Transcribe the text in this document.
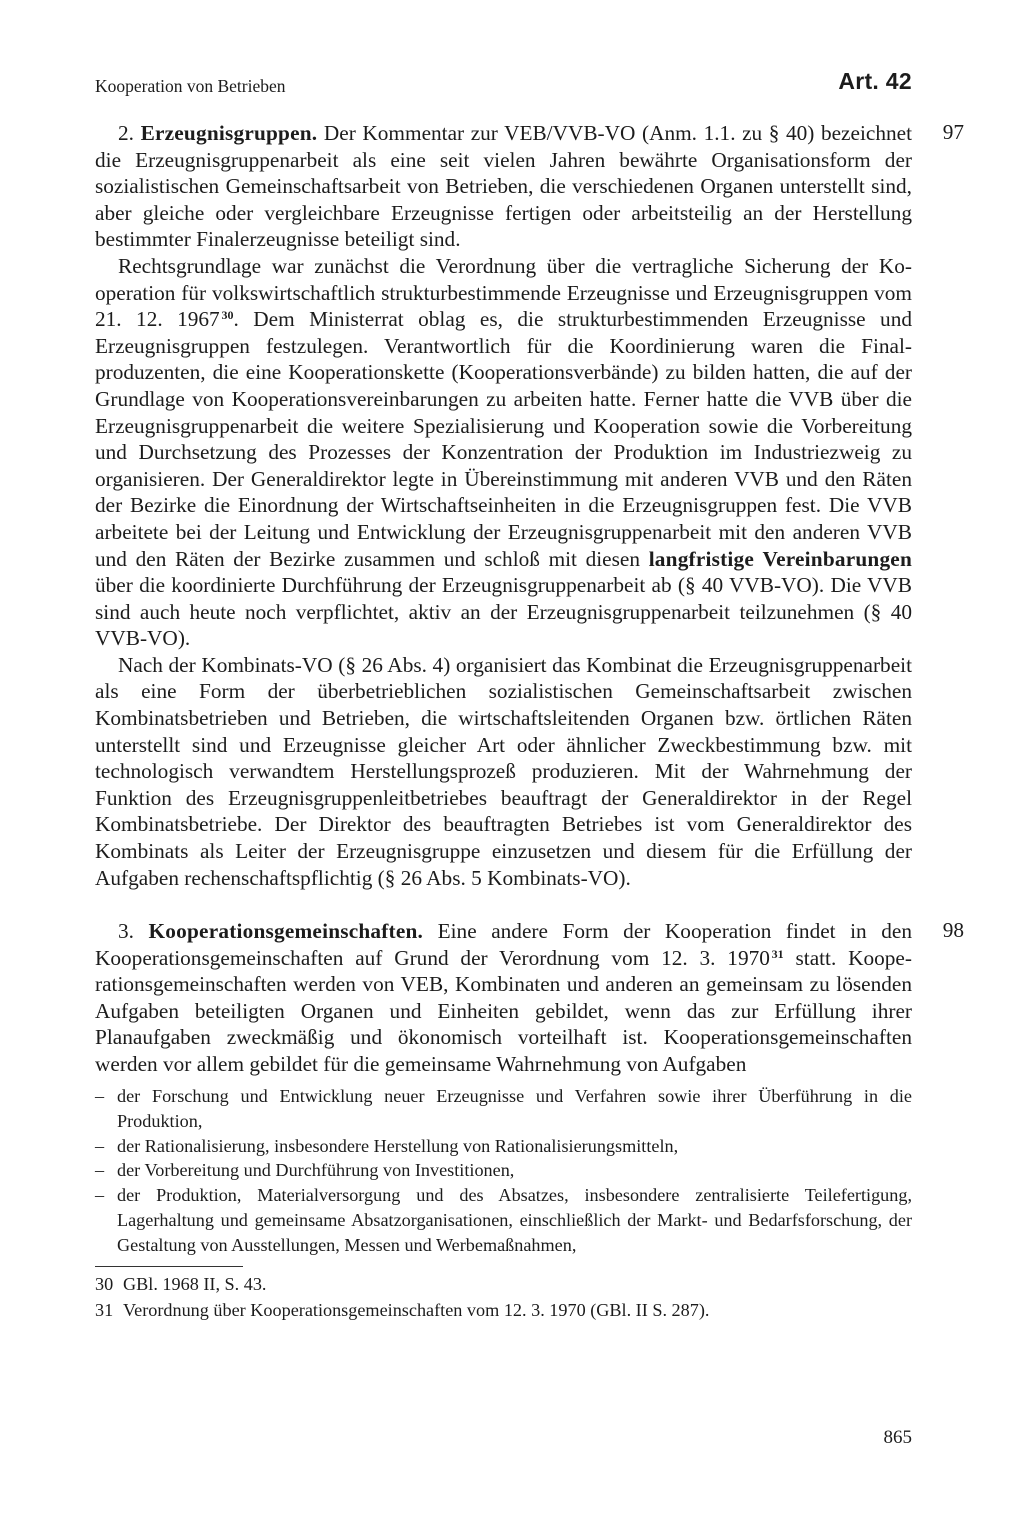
Kooperation von Betrieben	Art. 42
97

2. Erzeugnisgruppen. Der Kommentar zur VEB/VVB-VO (Anm. 1.1. zu § 40) bezeichnet die Erzeugnisgruppenarbeit als eine seit vielen Jahren bewährte Organisationsform der sozialistischen Gemeinschaftsarbeit von Betrieben, die verschiedenen Organen unterstellt sind, aber gleiche oder vergleichbare Erzeugnisse fertigen oder arbeitsteilig an der Herstellung bestimmter Finalerzeugnisse beteiligt sind.

Rechtsgrundlage war zunächst die Verordnung über die vertragliche Sicherung der Kooperation für volkswirtschaftlich strukturbestimmende Erzeugnisse und Erzeugnisgruppen vom 21. 12. 1967  $^{30}$. Dem Ministerrat oblag es, die strukturbestimmenden Erzeugnisse und Erzeugnisgruppen festzulegen. Verantwortlich für die Koordinierung waren die Finalproduzenten, die eine Kooperationskette (Kooperationsverbände) zu bilden hatten, die auf der Grundlage von Kooperationsvereinbarungen zu arbeiten hatte. Ferner hatte die VVB über die Erzeugnisgruppenarbeit die weitere Spezialisierung und Kooperation sowie die Vorbereitung und Durchsetzung des Prozesses der Konzentration der Produktion im Industriezweig zu organisieren. Der Generaldirektor legte in Übereinstimmung mit anderen VVB und den Räten der Bezirke die Einordnung der Wirtschaftseinheiten in die Erzeugnisgruppen fest. Die VVB arbeitete bei der Leitung und Entwicklung der Erzeugnisgruppenarbeit mit den anderen VVB und den Räten der Bezirke zusammen und schloß mit diesen langfristige Vereinbarungen über die koordinierte Durchführung der Erzeugnisgruppenarbeit ab (§ 40 VVB-VO). Die VVB sind auch heute noch verpflichtet, aktiv an der Erzeugnisgruppenarbeit teilzunehmen (§ 40 VVB-VO).

Nach der Kombinats-VO (§ 26 Abs. 4) organisiert das Kombinat die Erzeugnisgruppenarbeit als eine Form der überbetrieblichen sozialistischen Gemeinschaftsarbeit zwischen Kombinatsbetrieben und Betrieben, die wirtschaftsleitenden Organen bzw. örtlichen Räten unterstellt sind und Erzeugnisse gleicher Art oder ähnlicher Zweckbestimmung bzw. mit technologisch verwandtem Herstellungsprozeß produzieren. Mit der Wahrnehmung der Funktion des Erzeugnisgruppenleitbetriebes beauftragt der Generaldirektor in der Regel Kombinatsbetriebe. Der Direktor des beauftragten Betriebes ist vom Generaldirektor des Kombinats als Leiter der Erzeugnisgruppe einzusetzen und diesem für die Erfüllung der Aufgaben rechenschaftspflichtig (§ 26 Abs. 5 Kombinats-VO).

98

3. Kooperationsgemeinschaften. Eine andere Form der Kooperation findet in den Kooperationsgemeinschaften auf Grund der Verordnung vom 12. 3. 1970  $^{31}$ statt. Kooperationsgemeinschaften werden von VEB, Kombinaten und anderen an gemeinsam zu lösenden Aufgaben beteiligten Organen und Einheiten gebildet, wenn das zur Erfüllung ihrer Planaufgaben zweckmäßig und ökonomisch vorteilhaft ist. Kooperationsgemeinschaften werden vor allem gebildet für die gemeinsame Wahrnehmung von Aufgaben

– der Forschung und Entwicklung neuer Erzeugnisse und Verfahren sowie ihrer Überführung in die Produktion,
– der Rationalisierung, insbesondere Herstellung von Rationalisierungsmitteln,
– der Vorbereitung und Durchführung von Investitionen,
– der Produktion, Materialversorgung und des Absatzes, insbesondere zentralisierte Teilefertigung, Lagerhaltung und gemeinsame Absatzorganisationen, einschließlich der Markt- und Bedarfsforschung, der Gestaltung von Ausstellungen, Messen und Werbemaßnahmen,
30 GBl. 1968 II, S. 43.
31 Verordnung über Kooperationsgemeinschaften vom 12. 3. 1970 (GBl. II S. 287).
865
